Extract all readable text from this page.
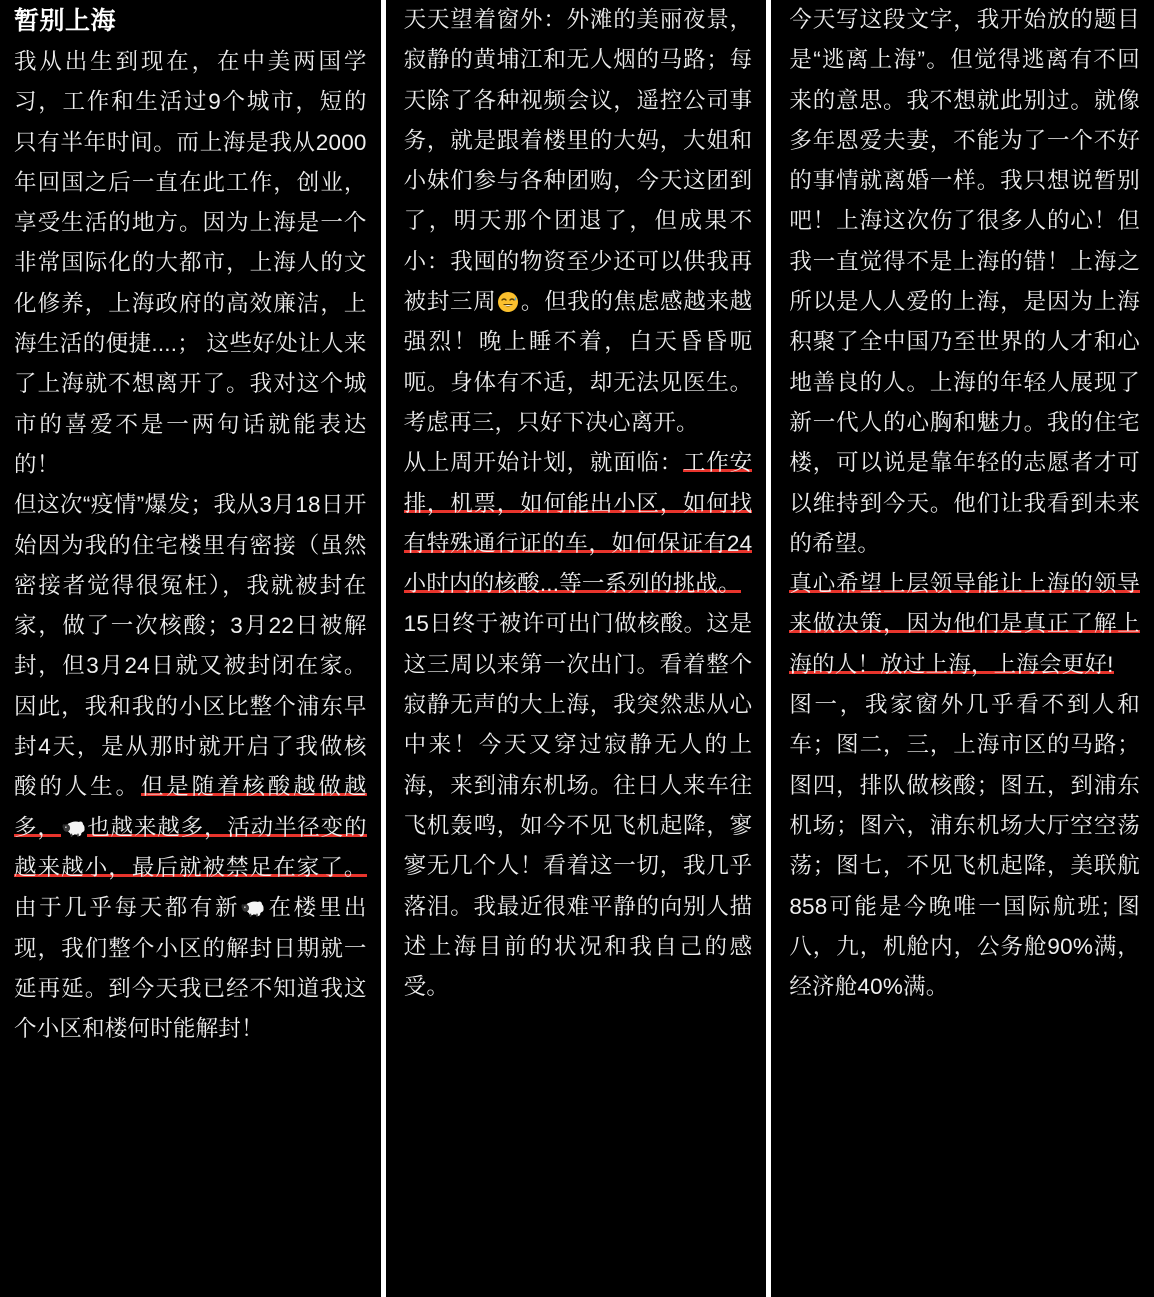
暂别上海

我从出生到现在，在中美两国学习，工作和生活过9个城市，短的只有半年时间。而上海是我从2000年回国之后一直在此工作，创业，享受生活的地方。因为上海是一个非常国际化的大都市，上海人的文化修养，上海政府的高效廉洁，上海生活的便捷....； 这些好处让人来了上海就不想离开了。我对这个城市的喜爱不是一两句话就能表达的！

但这次“疫情”爆发；我从3月18日开始因为我的住宅楼里有密接（虽然密接者觉得很冤枉），我就被封在家，做了一次核酸；3月22日被解封，但3月24日就又被封闭在家。因此，我和我的小区比整个浦东早封4天，是从那时就开启了我做核酸的人生。但是随着核酸越做越多， 也越来越多，活动半径变的越来越小，最后就被禁足在家了。由于几乎每天都有新 在楼里出现，我们整个小区的解封日期就一延再延。到今天我已经不知道我这个小区和楼何时能解封！

天天望着窗外：外滩的美丽夜景，寂静的黄埔江和无人烟的马路；每天除了各种视频会议，遥控公司事务，就是跟着楼里的大妈，大姐和小妹们参与各种团购，今天这团到了，明天那个团退了，但成果不小：我囤的物资至少还可以供我再被封三周 。但我的焦虑感越来越强烈！晚上睡不着，白天昏昏呃呃。身体有不适，却无法见医生。考虑再三，只好下决心离开。

从上周开始计划，就面临：工作安排，机票，如何能出小区，如何找有特殊通行证的车，如何保证有24小时内的核酸...等一系列的挑战。

15日终于被许可出门做核酸。这是这三周以来第一次出门。看着整个寂静无声的大上海，我突然悲从心中来！今天又穿过寂静无人的上海，来到浦东机场。往日人来车往飞机轰鸣，如今不见飞机起降，寥寥无几个人！看着这一切，我几乎落泪。我最近很难平静的向别人描述上海目前的状况和我自己的感受。

今天写这段文字，我开始放的题目是“逃离上海”。但觉得逃离有不回来的意思。我不想就此别过。就像多年恩爱夫妻，不能为了一个不好的事情就离婚一样。我只想说暂别吧！上海这次伤了很多人的心！但我一直觉得不是上海的错！上海之所以是人人爱的上海，是因为上海积聚了全中国乃至世界的人才和心地善良的人。上海的年轻人展现了新一代人的心胸和魅力。我的住宅楼，可以说是靠年轻的志愿者才可以维持到今天。他们让我看到未来的希望。

真心希望上层领导能让上海的领导来做决策，因为他们是真正了解上海的人！放过上海，上海会更好!

图一，我家窗外几乎看不到人和车；图二，三，上海市区的马路；图四，排队做核酸；图五，到浦东机场；图六，浦东机场大厅空空荡荡；图七，不见飞机起降，美联航858可能是今晚唯一国际航班; 图八，九，机舱内，公务舱90%满，经济舱40%满。
